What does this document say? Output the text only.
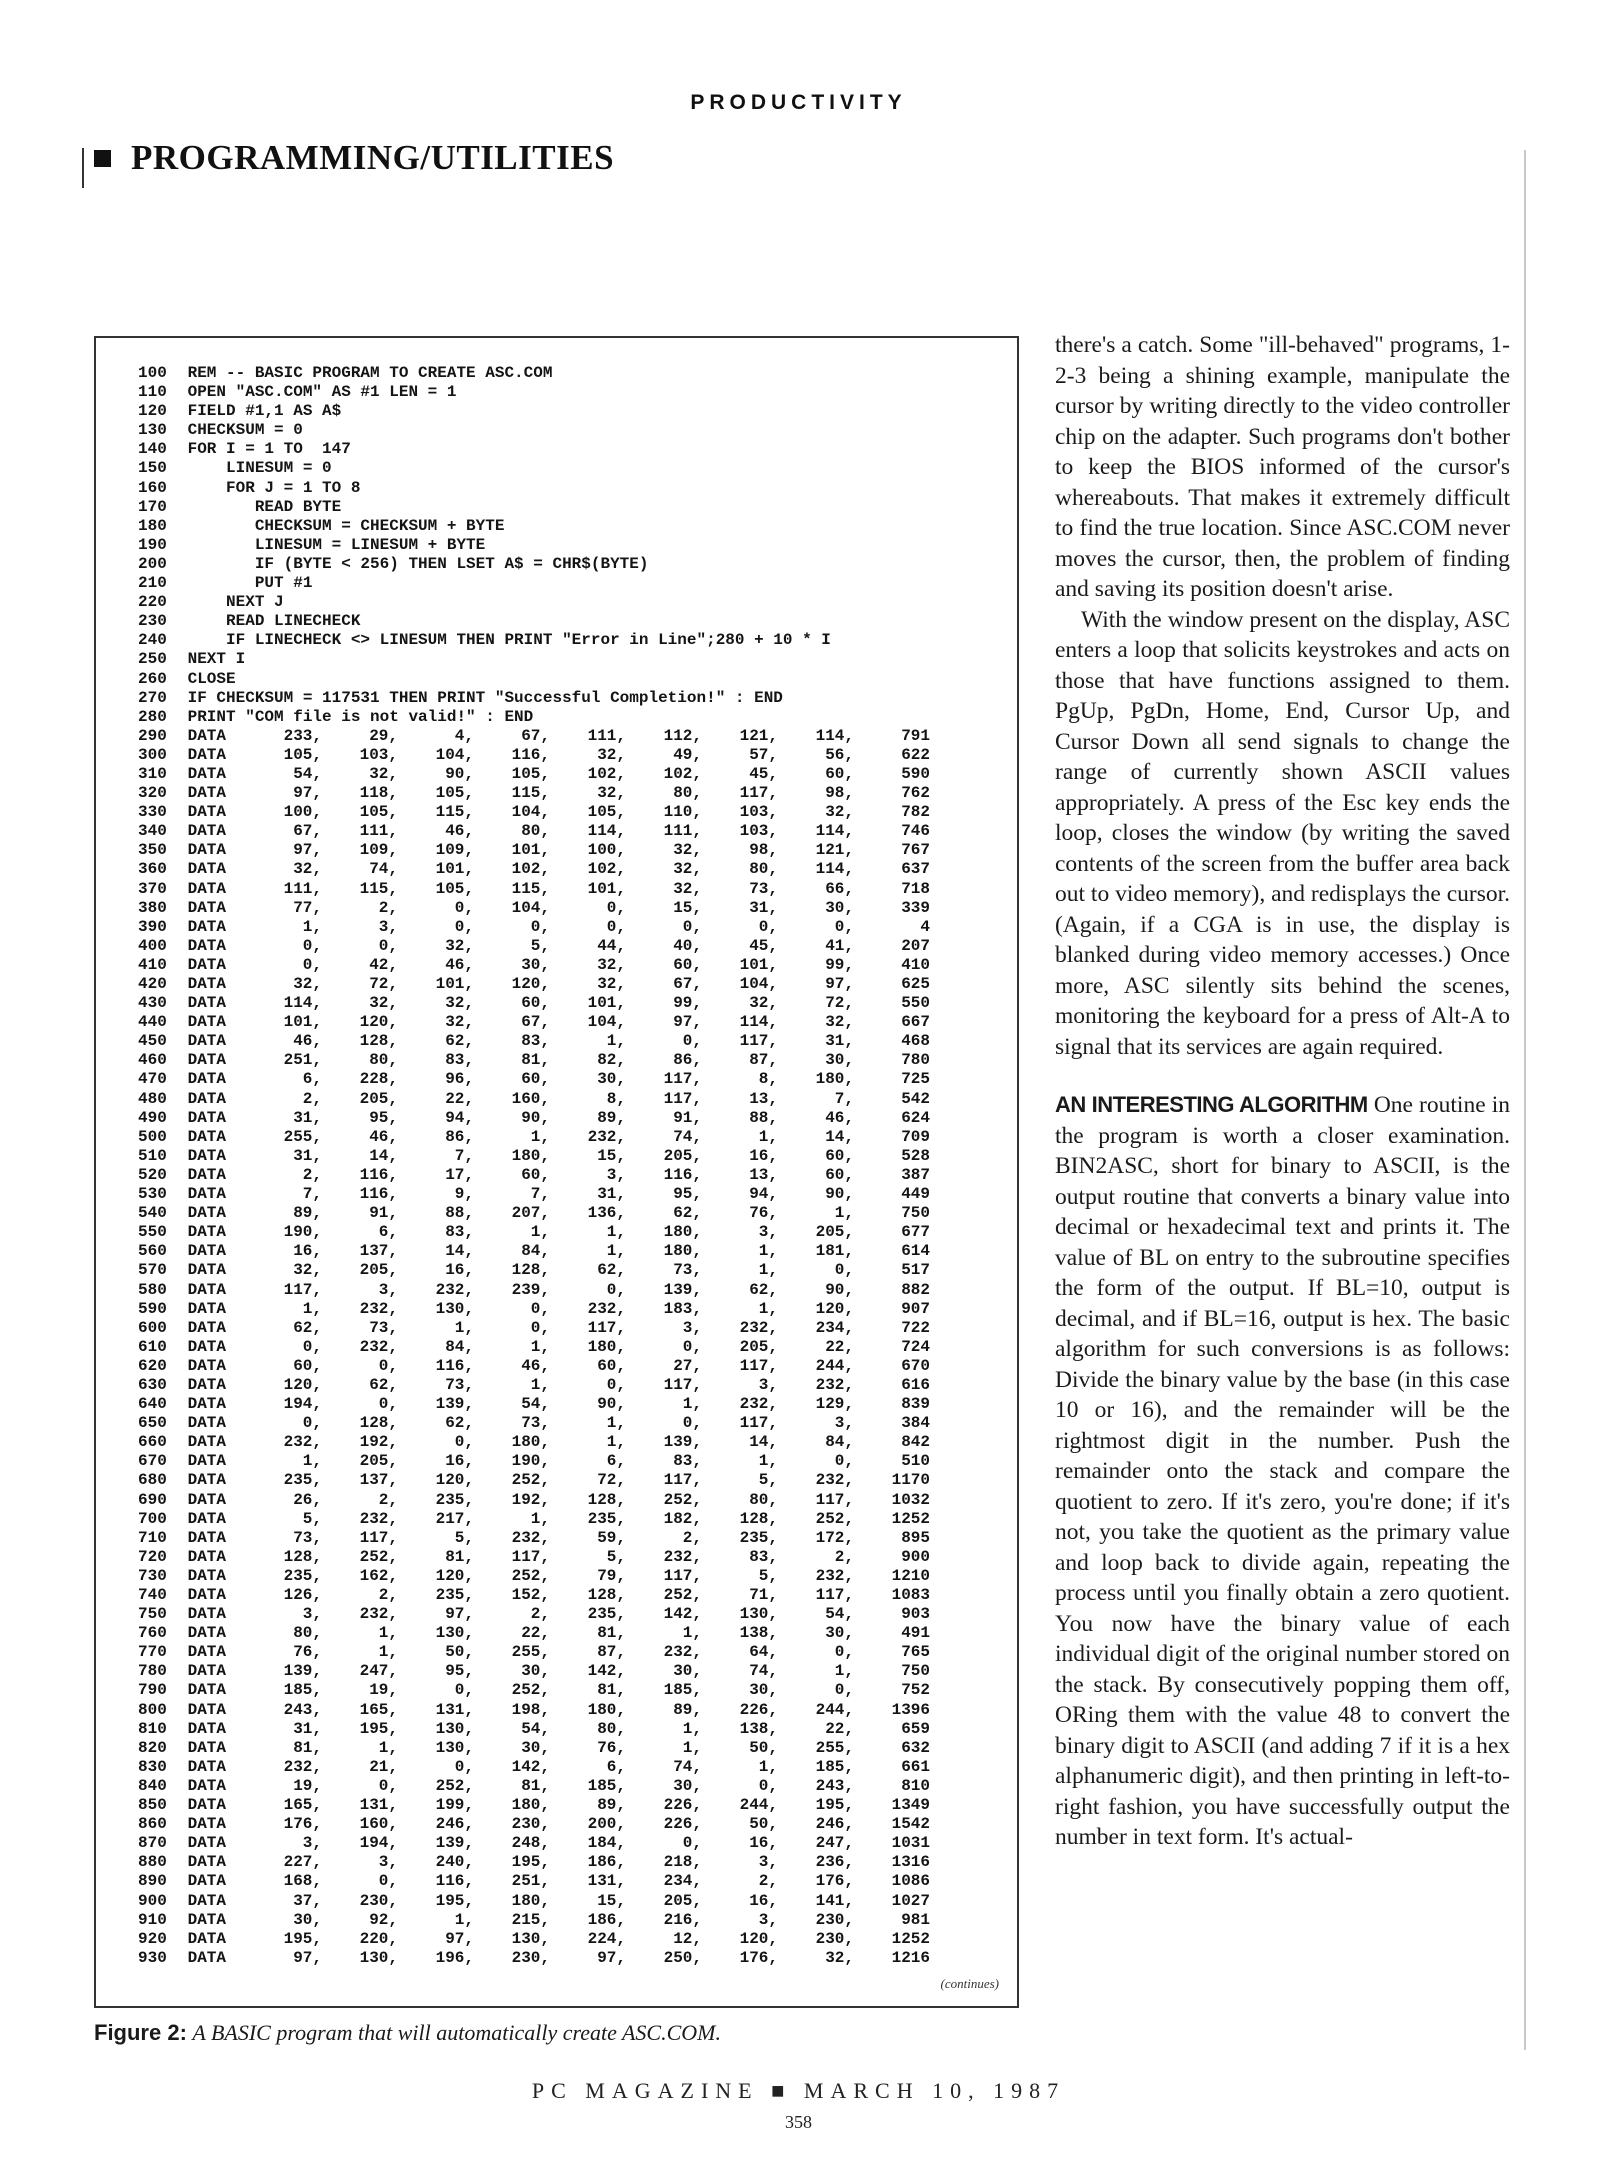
PRODUCTIVITY
PROGRAMMING/UTILITIES
100 REM -- BASIC PROGRAM TO CREATE ASC.COM
110 OPEN "ASC.COM" AS #1 LEN = 1
120 FIELD #1,1 AS A$
130 CHECKSUM = 0
140 FOR I = 1 TO  147
150 LINESUM = 0
160 FOR J = 1 TO 8
170 READ BYTE
180 CHECKSUM = CHECKSUM + BYTE
190 LINESUM = LINESUM + BYTE
200 IF (BYTE < 256) THEN LSET A$ = CHR$(BYTE)
210 PUT #1
220 NEXT J
230 READ LINECHECK
240 IF LINECHECK <> LINESUM THEN PRINT "Error in Line";280 + 10 * I
250 NEXT I
260 CLOSE
270 IF CHECKSUM = 117531 THEN PRINT "Successful Completion!" : END
280 PRINT "COM file is not valid!" : END
290 DATA	233,	29,	4,	67,	111,	112,	121,	114,	791
300 DATA	105,	103,	104,	116,	32,	49,	57,	56,	622
310 DATA	54,	32,	90,	105,	102,	102,	45,	60,	590
320 DATA	97,	118,	105,	115,	32,	80,	117,	98,	762
330 DATA	100,	105,	115,	104,	105,	110,	103,	32,	782
340 DATA	67,	111,	46,	80,	114,	111,	103,	114,	746
350 DATA	97,	109,	109,	101,	100,	32,	98,	121,	767
360 DATA	32,	74,	101,	102,	102,	32,	80,	114,	637
370 DATA	111,	115,	105,	115,	101,	32,	73,	66,	718
380 DATA	77,	2,	0,	104,	0,	15,	31,	30,	339
390 DATA	1,	3,	0,	0,	0,	0,	0,	0,	4
400 DATA	0,	0,	32,	5,	44,	40,	45,	41,	207
410 DATA	0,	42,	46,	30,	32,	60,	101,	99,	410
420 DATA	32,	72,	101,	120,	32,	67,	104,	97,	625
430 DATA	114,	32,	32,	60,	101,	99,	32,	72,	550
440 DATA	101,	120,	32,	67,	104,	97,	114,	32,	667
450 DATA	46,	128,	62,	83,	1,	0,	117,	31,	468
460 DATA	251,	80,	83,	81,	82,	86,	87,	30,	780
470 DATA	6,	228,	96,	60,	30,	117,	8,	180,	725
480 DATA	2,	205,	22,	160,	8,	117,	13,	7,	542
490 DATA	31,	95,	94,	90,	89,	91,	88,	46,	624
500 DATA	255,	46,	86,	1,	232,	74,	1,	14,	709
510 DATA	31,	14,	7,	180,	15,	205,	16,	60,	528
520 DATA	2,	116,	17,	60,	3,	116,	13,	60,	387
530 DATA	7,	116,	9,	7,	31,	95,	94,	90,	449
540 DATA	89,	91,	88,	207,	136,	62,	76,	1,	750
550 DATA	190,	6,	83,	1,	1,	180,	3,	205,	677
560 DATA	16,	137,	14,	84,	1,	180,	1,	181,	614
570 DATA	32,	205,	16,	128,	62,	73,	1,	0,	517
580 DATA	117,	3,	232,	239,	0,	139,	62,	90,	882
590 DATA	1,	232,	130,	0,	232,	183,	1,	120,	907
600 DATA	62,	73,	1,	0,	117,	3,	232,	234,	722
610 DATA	0,	232,	84,	1,	180,	0,	205,	22,	724
620 DATA	60,	0,	116,	46,	60,	27,	117,	244,	670
630 DATA	120,	62,	73,	1,	0,	117,	3,	232,	616
640 DATA	194,	0,	139,	54,	90,	1,	232,	129,	839
650 DATA	0,	128,	62,	73,	1,	0,	117,	3,	384
660 DATA	232,	192,	0,	180,	1,	139,	14,	84,	842
670 DATA	1,	205,	16,	190,	6,	83,	1,	0,	510
680 DATA	235,	137,	120,	252,	72,	117,	5,	232,	1170
690 DATA	26,	2,	235,	192,	128,	252,	80,	117,	1032
700 DATA	5,	232,	217,	1,	235,	182,	128,	252,	1252
710 DATA	73,	117,	5,	232,	59,	2,	235,	172,	895
720 DATA	128,	252,	81,	117,	5,	232,	83,	2,	900
730 DATA	235,	162,	120,	252,	79,	117,	5,	232,	1210
740 DATA	126,	2,	235,	152,	128,	252,	71,	117,	1083
750 DATA	3,	232,	97,	2,	235,	142,	130,	54,	903
760 DATA	80,	1,	130,	22,	81,	1,	138,	30,	491
770 DATA	76,	1,	50,	255,	87,	232,	64,	0,	765
780 DATA	139,	247,	95,	30,	142,	30,	74,	1,	750
790 DATA	185,	19,	0,	252,	81,	185,	30,	0,	752
800 DATA	243,	165,	131,	198,	180,	89,	226,	244,	1396
810 DATA	31,	195,	130,	54,	80,	1,	138,	22,	659
820 DATA	81,	1,	130,	30,	76,	1,	50,	255,	632
830 DATA	232,	21,	0,	142,	6,	74,	1,	185,	661
840 DATA	19,	0,	252,	81,	185,	30,	0,	243,	810
850 DATA	165,	131,	199,	180,	89,	226,	244,	195,	1349
860 DATA	176,	160,	246,	230,	200,	226,	50,	246,	1542
870 DATA	3,	194,	139,	248,	184,	0,	16,	247,	1031
880 DATA	227,	3,	240,	195,	186,	218,	3,	236,	1316
890 DATA	168,	0,	116,	251,	131,	234,	2,	176,	1086
900 DATA	37,	230,	195,	180,	15,	205,	16,	141,	1027
910 DATA	30,	92,	1,	215,	186,	216,	3,	230,	981
920 DATA	195,	220,	97,	130,	224,	12,	120,	230,	1252
930 DATA	97,	130,	196,	230,	97,	250,	176,	32,	1216
(continues)
Figure 2: A BASIC program that will automatically create ASC.COM.

there's a catch. Some "ill-behaved" programs, 1-2-3 being a shining example, manipulate the cursor by writing directly to the video controller chip on the adapter. Such programs don't bother to keep the BIOS informed of the cursor's whereabouts. That makes it extremely difficult to find the true location. Since ASC.COM never moves the cursor, then, the problem of finding and saving its position doesn't arise.

With the window present on the display, ASC enters a loop that solicits keystrokes and acts on those that have functions assigned to them. PgUp, PgDn, Home, End, Cursor Up, and Cursor Down all send signals to change the range of currently shown ASCII values appropriately. A press of the Esc key ends the loop, closes the window (by writing the saved contents of the screen from the buffer area back out to video memory), and redisplays the cursor. (Again, if a CGA is in use, the display is blanked during video memory accesses.) Once more, ASC silently sits behind the scenes, monitoring the keyboard for a press of Alt-A to signal that its services are again required.

AN INTERESTING ALGORITHM One routine in the program is worth a closer examination. BIN2ASC, short for binary to ASCII, is the output routine that converts a binary value into decimal or hexadecimal text and prints it. The value of BL on entry to the subroutine specifies the form of the output. If BL=10, output is decimal, and if BL=16, output is hex. The basic algorithm for such conversions is as follows: Divide the binary value by the base (in this case 10 or 16), and the remainder will be the rightmost digit in the number. Push the remainder onto the stack and compare the quotient to zero. If it's zero, you're done; if it's not, you take the quotient as the primary value and loop back to divide again, repeating the process until you finally obtain a zero quotient. You now have the binary value of each individual digit of the original number stored on the stack. By consecutively popping them off, ORing them with the value 48 to convert the binary digit to ASCII (and adding 7 if it is a hex alphanumeric digit), and then printing in left-to-right fashion, you have successfully output the number in text form. It's actual-

PC MAGAZINE ■ MARCH 10, 1987
358
